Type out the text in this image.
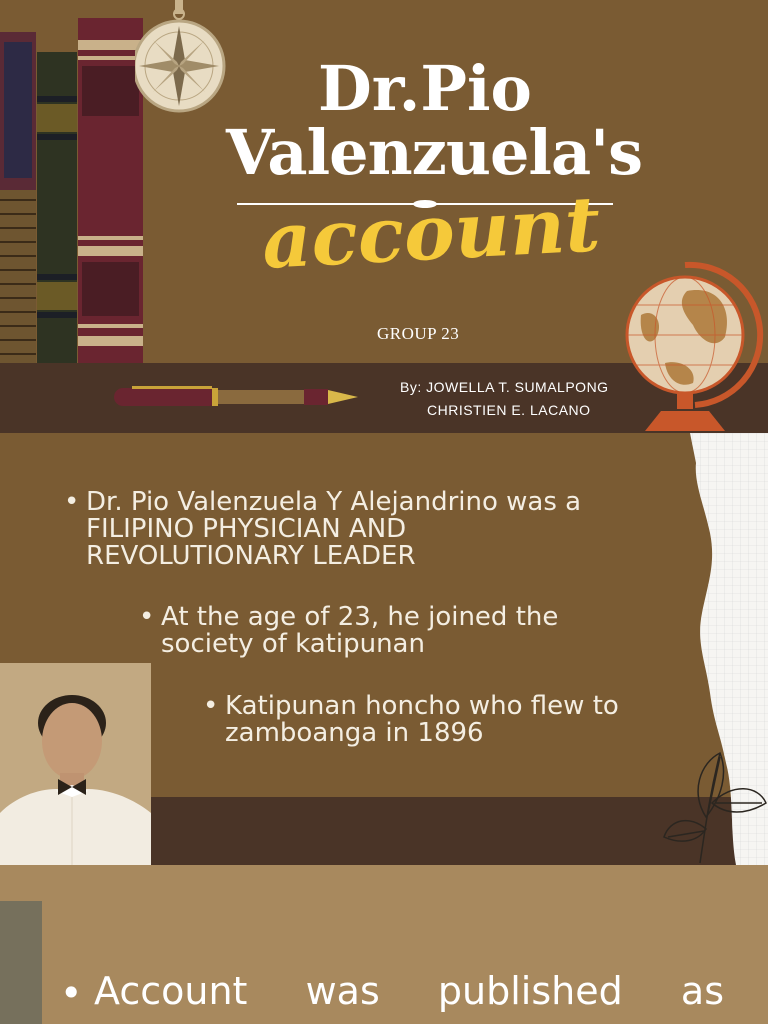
Dr.Pio
Valenzuela's
account
GROUP 23
By: JOWELLA T. SUMALPONG
CHRISTIEN E. LACANO
• Dr. Pio Valenzuela Y Alejandrino was a
FILIPINO PHYSICIAN AND
REVOLUTIONARY LEADER
• At the age of 23, he joined the
society of katipunan
• Katipunan honcho who flew to
zamboanga in 1896
• Account was published as
